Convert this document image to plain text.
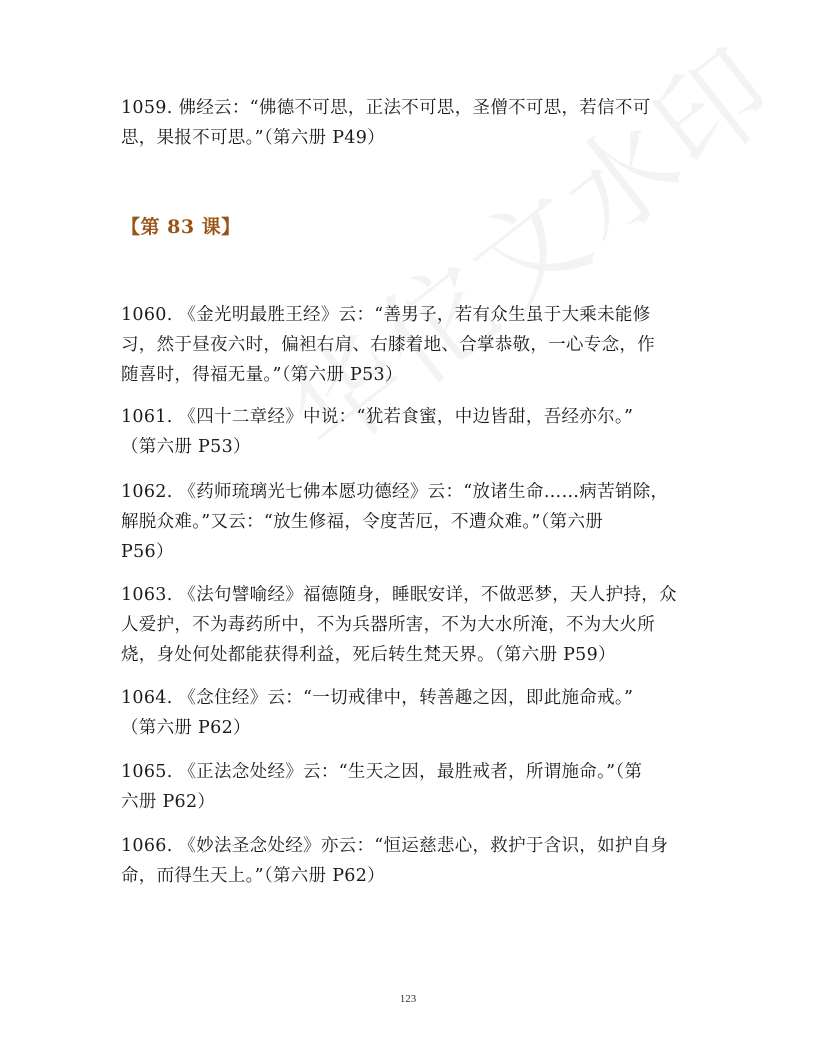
1059. 佛经云：“佛德不可思，正法不可思，圣僧不可思，若信不可
思，果报不可思。”（第六册 P49）

【第 83 课】

1060. 《金光明最胜王经》云：“善男子，若有众生虽于大乘未能修
习，然于昼夜六时，偏袒右肩、右膝着地、合掌恭敬，一心专念，作
随喜时，得福无量。”（第六册 P53）

1061. 《四十二章经》中说：“犹若食蜜，中边皆甜，吾经亦尔。”
（第六册 P53）

1062. 《药师琉璃光七佛本愿功德经》云：“放诸生命……病苦销除，
解脱众难。”又云：“放生修福，令度苦厄，不遭众难。”（第六册
P56）

1063. 《法句譬喻经》福德随身，睡眠安详，不做恶梦，天人护持，众
人爱护，不为毒药所中，不为兵器所害，不为大水所淹，不为大火所
烧，身处何处都能获得利益，死后转生梵天界。（第六册 P59）

1064. 《念住经》云：“一切戒律中，转善趣之因，即此施命戒。”
（第六册 P62）

1065. 《正法念处经》云：“生天之因，最胜戒者，所谓施命。”（第
六册 P62）

1066. 《妙法圣念处经》亦云：“恒运慈悲心，救护于含识，如护自身
命，而得生天上。”（第六册 P62）

123
